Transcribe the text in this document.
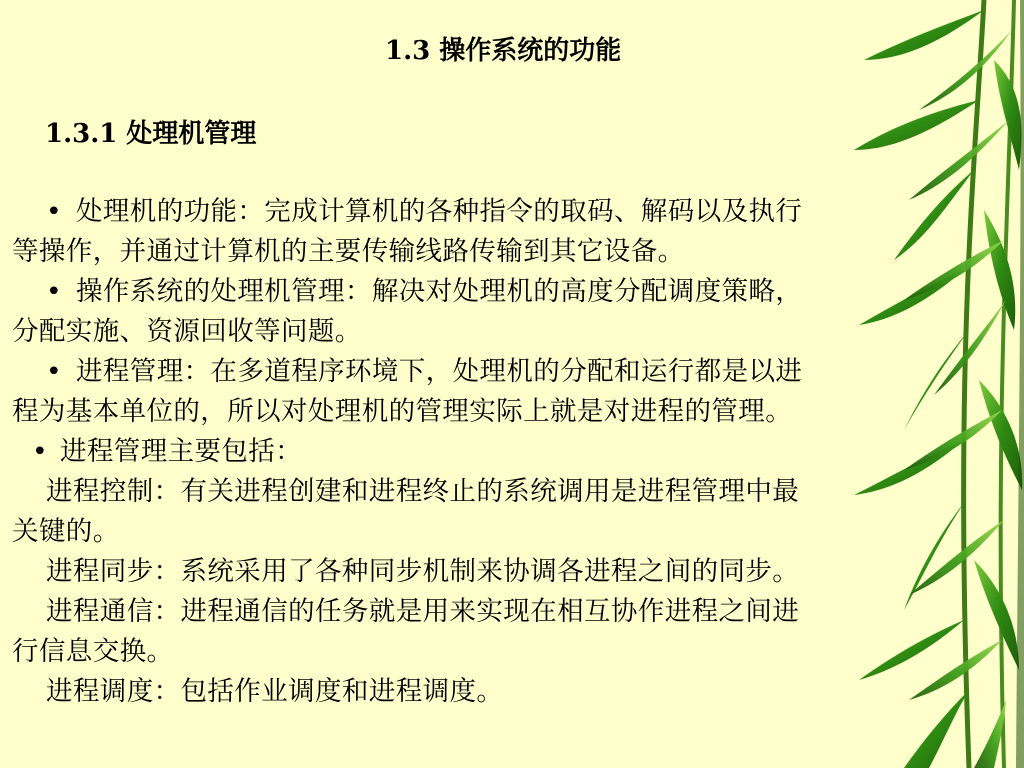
1.3 操作系统的功能
1.3.1 处理机管理
• 处理机的功能：完成计算机的各种指令的取码、解码以及执行
等操作，并通过计算机的主要传输线路传输到其它设备。
• 操作系统的处理机管理：解决对处理机的高度分配调度策略，
分配实施、资源回收等问题。
• 进程管理：在多道程序环境下，处理机的分配和运行都是以进
程为基本单位的，所以对处理机的管理实际上就是对进程的管理。
• 进程管理主要包括：
进程控制：有关进程创建和进程终止的系统调用是进程管理中最
关键的。
进程同步：系统采用了各种同步机制来协调各进程之间的同步。
进程通信：进程通信的任务就是用来实现在相互协作进程之间进
行信息交换。
进程调度：包括作业调度和进程调度。
